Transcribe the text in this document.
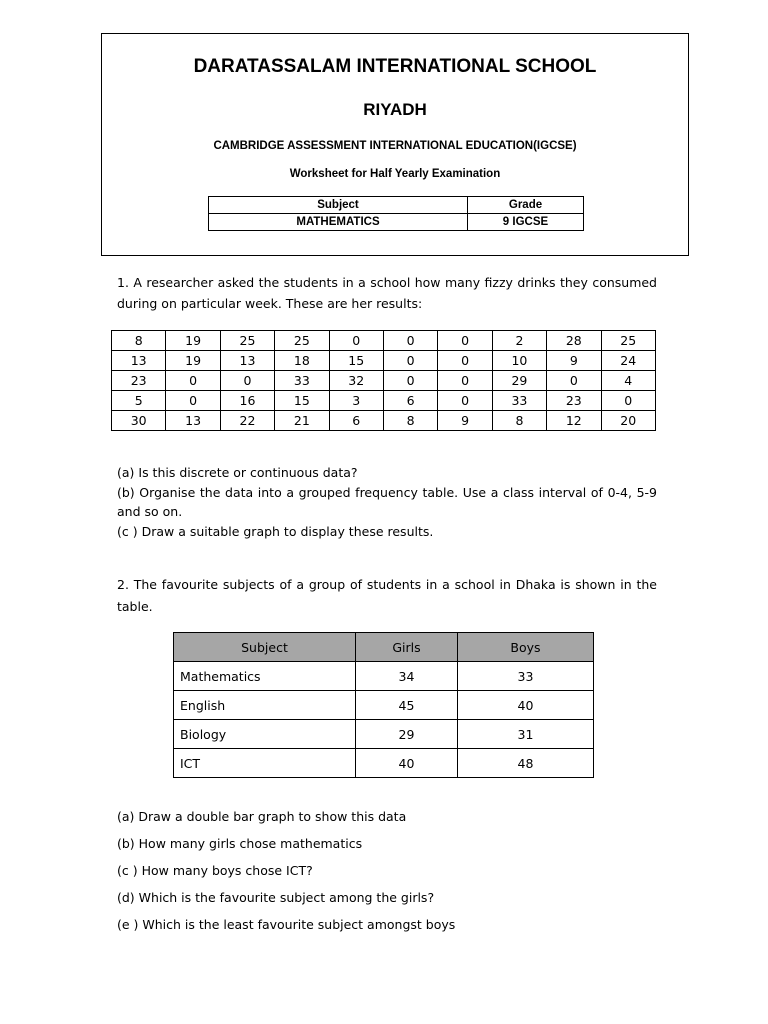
DARATASSALAM INTERNATIONAL SCHOOL
RIYADH
CAMBRIDGE ASSESSMENT INTERNATIONAL EDUCATION(IGCSE)
Worksheet for Half Yearly Examination
Subject	Grade
MATHEMATICS	9 IGCSE

1. A researcher asked the students in a school how many fizzy drinks they consumed during on particular week. These are her results:

8	19	25	25	0	0	0	2	28	25
13	19	13	18	15	0	0	10	9	24
23	0	0	33	32	0	0	29	0	4
5	0	16	15	3	6	0	33	23	0
30	13	22	21	6	8	9	8	12	20

(a) Is this discrete or continuous data?

(b) Organise the data into a grouped frequency table. Use a class interval of 0-4, 5-9 and so on.

(c ) Draw a suitable graph to display these results.

2. The favourite subjects of a group of students in a school in Dhaka is shown in the table.

Subject	Girls	Boys
Mathematics	34	33
English	45	40
Biology	29	31
ICT	40	48

(a) Draw a double bar graph to show this data

(b) How many girls chose mathematics

(c ) How many boys chose ICT?

(d) Which is the favourite subject among the girls?

(e ) Which is the least favourite subject amongst boys
